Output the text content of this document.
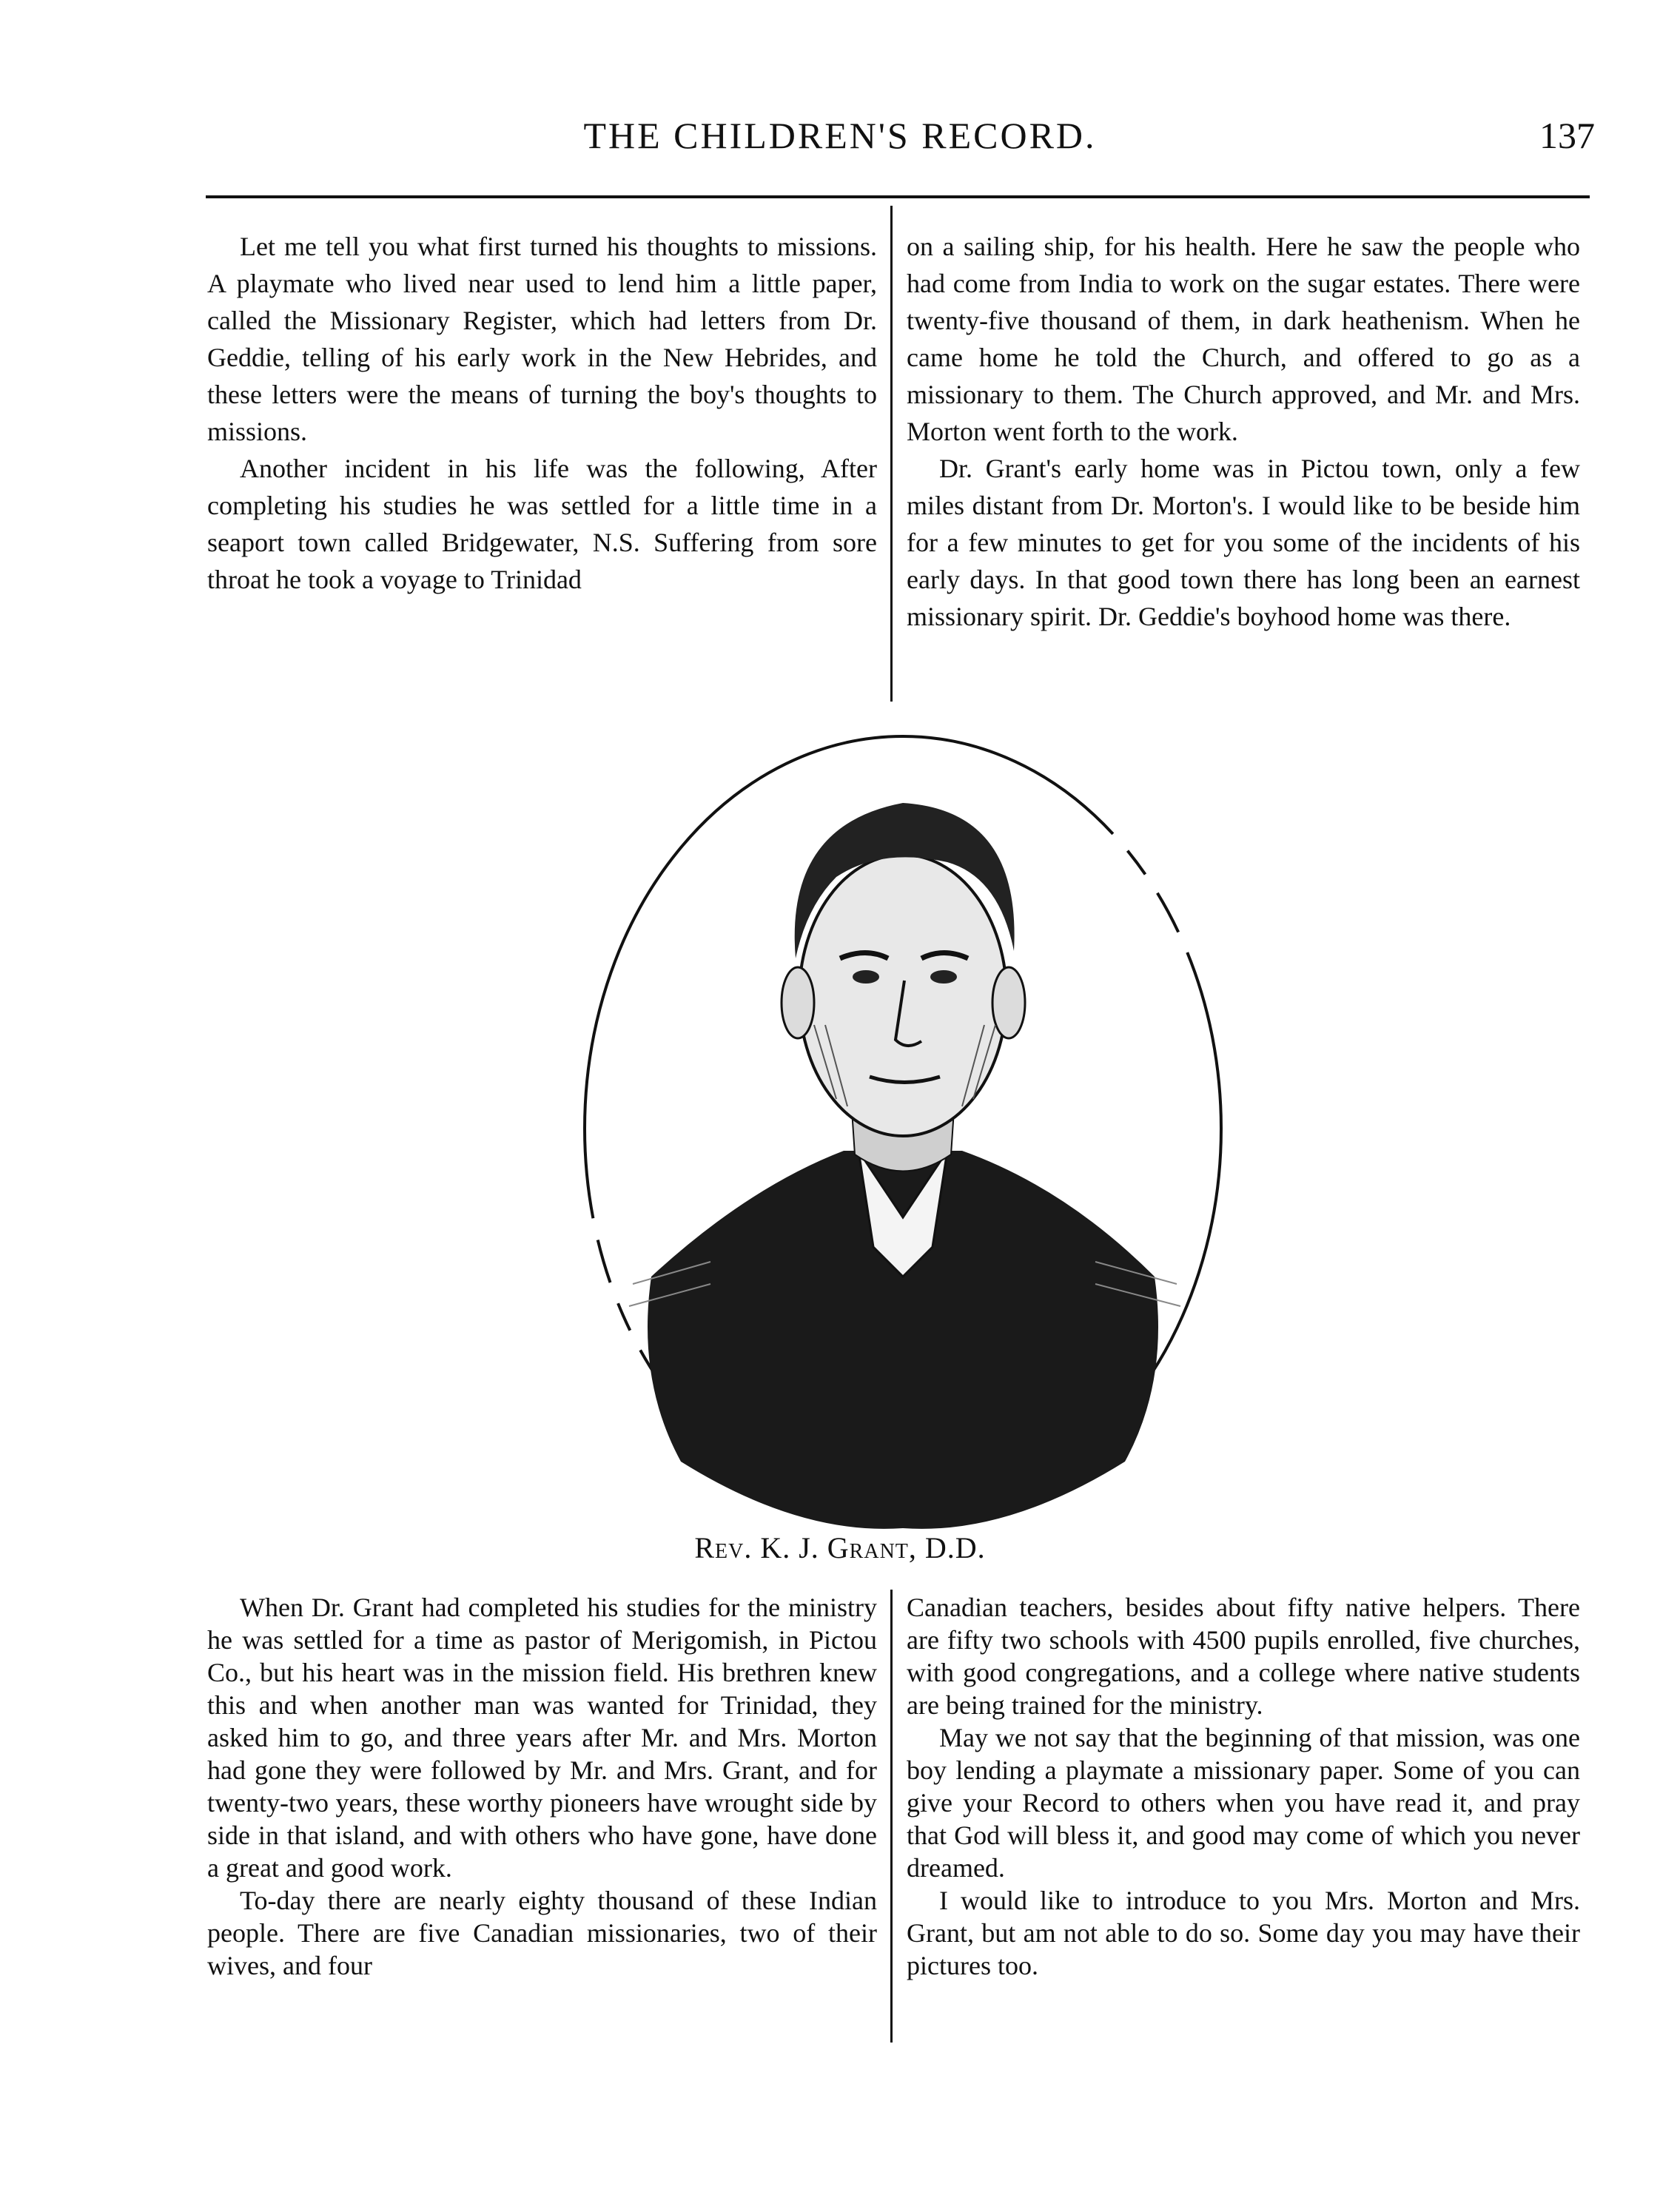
THE CHILDREN'S RECORD.	137

Let me tell you what first turned his thoughts to missions. A playmate who lived near used to lend him a little paper, called the Missionary Register, which had letters from Dr. Geddie, telling of his early work in the New Hebrides, and these letters were the means of turning the boy's thoughts to missions.

Another incident in his life was the following, After completing his studies he was settled for a little time in a seaport town called Bridgewater, N.S. Suffering from sore throat he took a voyage to Trinidad

on a sailing ship, for his health. Here he saw the people who had come from India to work on the sugar estates. There were twenty-five thousand of them, in dark heathenism. When he came home he told the Church, and offered to go as a missionary to them. The Church approved, and Mr. and Mrs. Morton went forth to the work.

Dr. Grant's early home was in Pictou town, only a few miles distant from Dr. Morton's. I would like to be beside him for a few minutes to get for you some of the incidents of his early days. In that good town there has long been an earnest missionary spirit. Dr. Geddie's boyhood home was there.

Rev. K. J. Grant, D.D.

When Dr. Grant had completed his studies for the ministry he was settled for a time as pastor of Merigomish, in Pictou Co., but his heart was in the mission field. His brethren knew this and when another man was wanted for Trinidad, they asked him to go, and three years after Mr. and Mrs. Morton had gone they were followed by Mr. and Mrs. Grant, and for twenty-two years, these worthy pioneers have wrought side by side in that island, and with others who have gone, have done a great and good work.

To-day there are nearly eighty thousand of these Indian people. There are five Canadian missionaries, two of their wives, and four

Canadian teachers, besides about fifty native helpers. There are fifty two schools with 4500 pupils enrolled, five churches, with good congregations, and a college where native students are being trained for the ministry.

May we not say that the beginning of that mission, was one boy lending a playmate a missionary paper. Some of you can give your Record to others when you have read it, and pray that God will bless it, and good may come of which you never dreamed.

I would like to introduce to you Mrs. Morton and Mrs. Grant, but am not able to do so. Some day you may have their pictures too.
